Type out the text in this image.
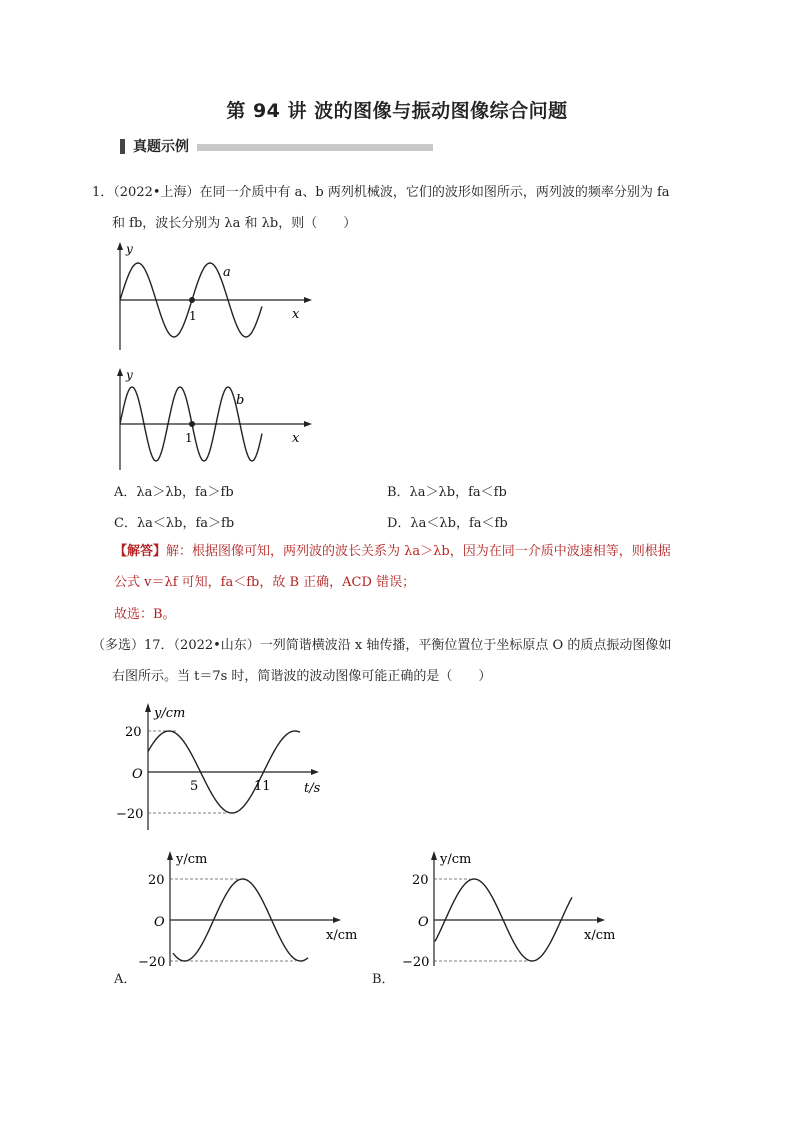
第 94 讲 波的图像与振动图像综合问题
真题示例
1．（2022•上海）在同一介质中有 a、b 两列机械波，它们的波形如图所示，两列波的频率分别为 fa
和 fb，波长分别为 λa 和 λb，则（　　）
y
x
1
a
y
x
1
b
A．λa＞λb，fa＞fb	B．λa＞λb，fa＜fb
C．λa＜λb，fa＞fb	D．λa＜λb，fa＜fb
【解答】解：根据图像可知，两列波的波长关系为 λa＞λb，因为在同一介质中波速相等，则根据
公式 v＝λf 可知，fa＜fb，故 B 正确，ACD 错误；
故选：B。
（多选）17．（2022•山东）一列简谐横波沿 x 轴传播，平衡位置位于坐标原点 O 的质点振动图像如
右图所示。当 t＝7s 时，简谐波的波动图像可能正确的是（　　）
y/cm
20
O
−20
5	11	t/s
y/cm
20
O
−20
x/cm
A．
y/cm
20
O
−20
x/cm
B．
